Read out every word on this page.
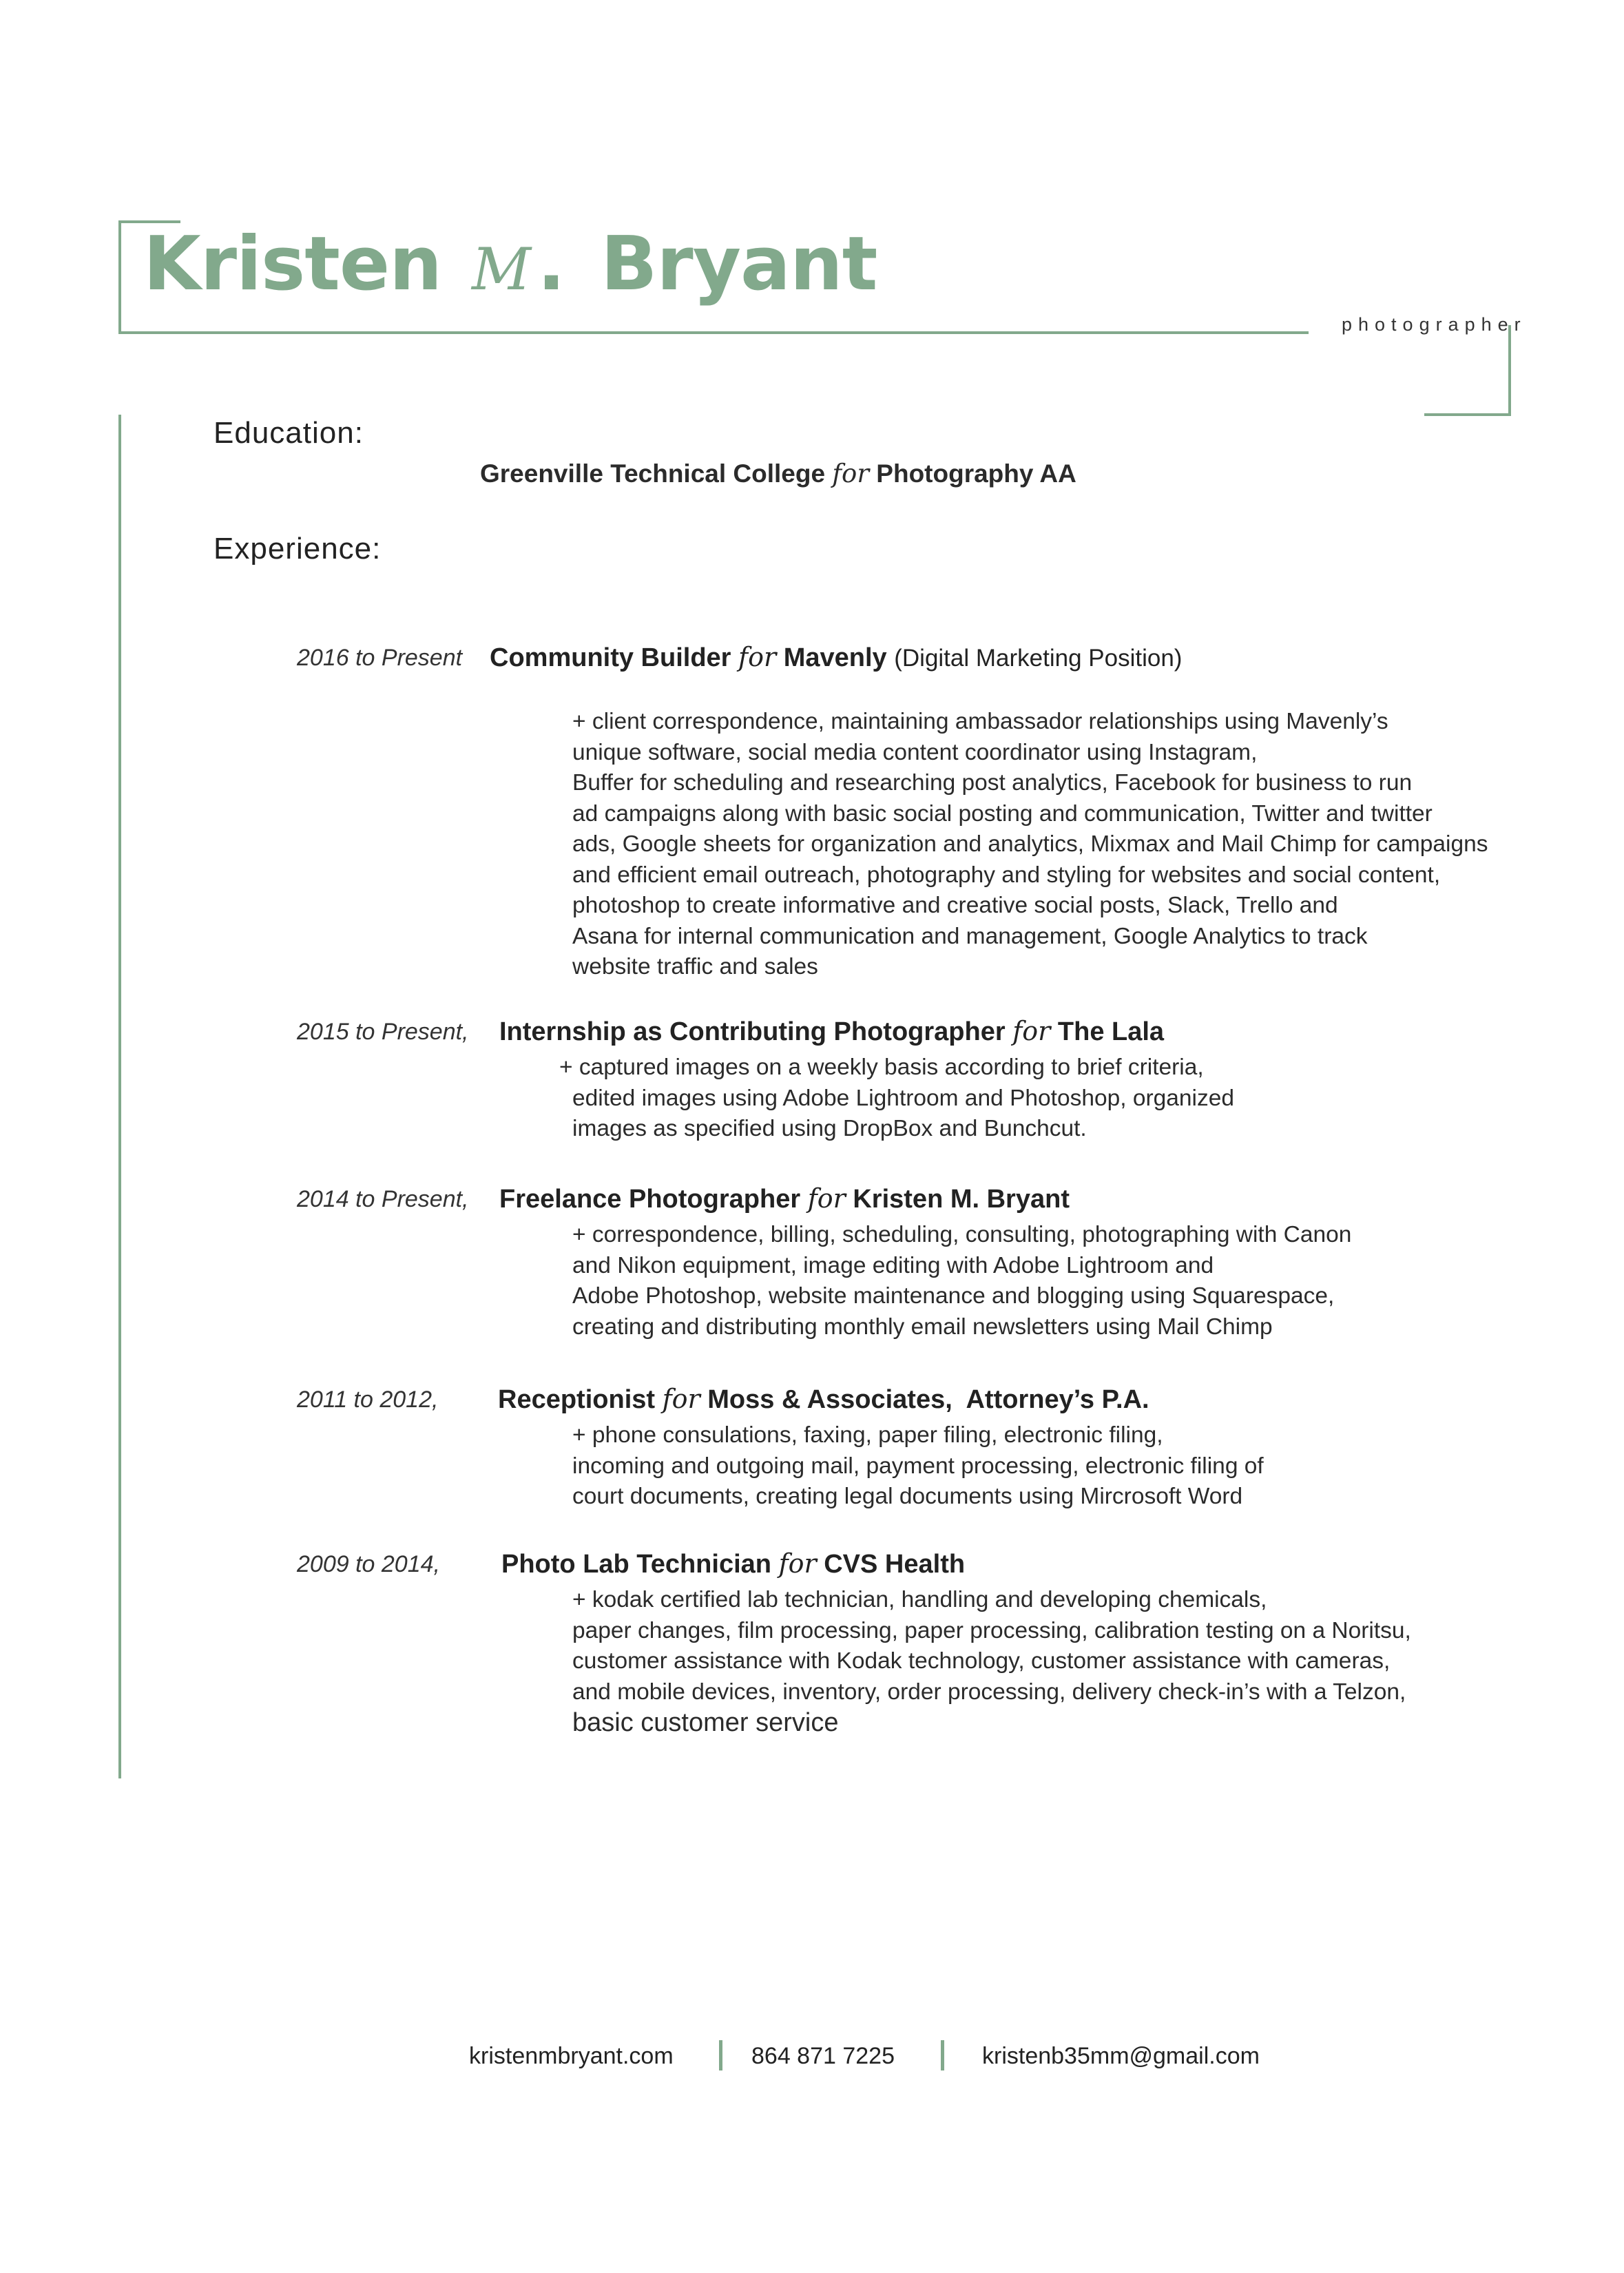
Kristen M. Bryant
photographer
Education:
Greenville Technical College for Photography AA
Experience:
2016 to Present Community Builder for Mavenly (Digital Marketing Position)
+ client correspondence, maintaining ambassador relationships using Mavenly’s
unique software, social media content coordinator using Instagram,
Buffer for scheduling and researching post analytics, Facebook for business to run
ad campaigns along with basic social posting and communication, Twitter and twitter
ads, Google sheets for organization and analytics, Mixmax and Mail Chimp for campaigns
and efficient email outreach, photography and styling for websites and social content,
photoshop to create informative and creative social posts, Slack, Trello and
Asana for internal communication and management, Google Analytics to track
website traffic and sales
2015 to Present, Internship as Contributing Photographer for The Lala
+ captured images on a weekly basis according to brief criteria,
edited images using Adobe Lightroom and Photoshop, organized
images as specified using DropBox and Bunchcut.
2014 to Present, Freelance Photographer for Kristen M. Bryant
+ correspondence, billing, scheduling, consulting, photographing with Canon
and Nikon equipment, image editing with Adobe Lightroom and
Adobe Photoshop, website maintenance and blogging using Squarespace,
creating and distributing monthly email newsletters using Mail Chimp
2011 to 2012, Receptionist for Moss & Associates,  Attorney’s P.A.
+ phone consulations, faxing, paper filing, electronic filing,
incoming and outgoing mail, payment processing, electronic filing of
court documents, creating legal documents using Mircrosoft Word
2009 to 2014, Photo Lab Technician for CVS Health
+ kodak certified lab technician, handling and developing chemicals,
paper changes, film processing, paper processing, calibration testing on a Noritsu,
customer assistance with Kodak technology, customer assistance with cameras,
and mobile devices, inventory, order processing, delivery check-in’s with a Telzon,
basic customer service
kristenmbryant.com	864 871 7225	kristenb35mm@gmail.com
